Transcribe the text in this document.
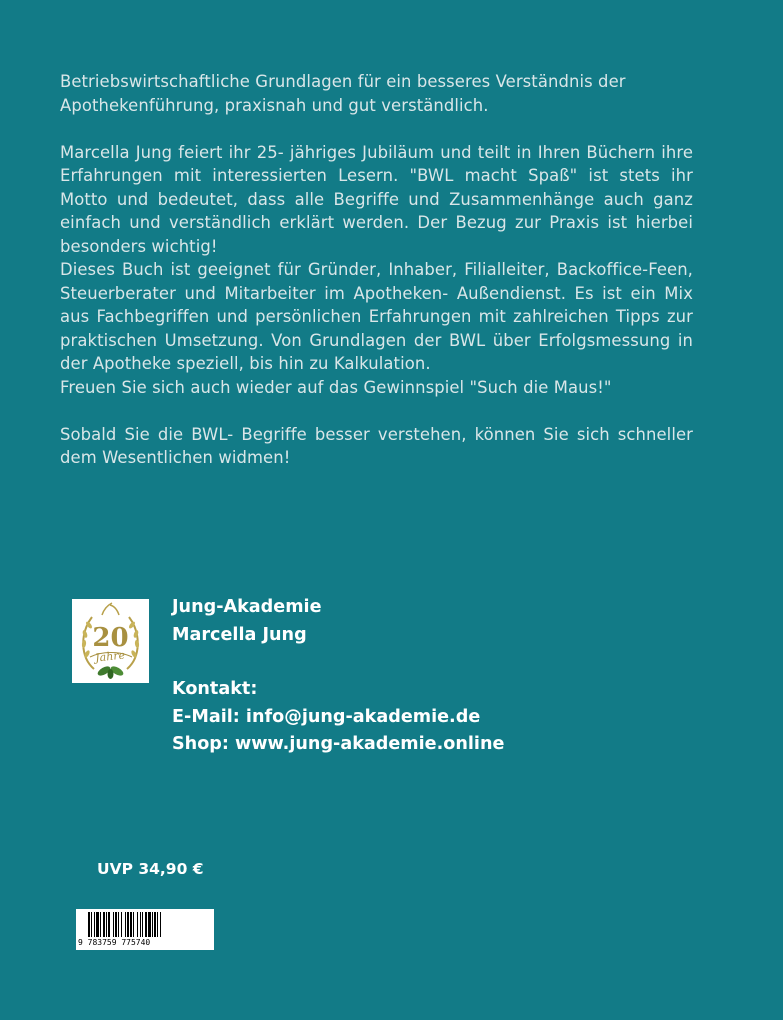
Betriebswirtschaftliche Grundlagen für ein besseres Verständnis der Apothekenführung, praxisnah und gut verständlich.

Marcella Jung feiert ihr 25- jähriges Jubiläum und teilt in Ihren Büchern ihre Erfahrungen mit interessierten Lesern. "BWL macht Spaß" ist stets ihr Motto und bedeutet, dass alle Begriffe und Zusammenhänge auch ganz einfach und verständlich erklärt werden. Der Bezug zur Praxis ist hierbei besonders wichtig!

Dieses Buch ist geeignet für Gründer, Inhaber, Filialleiter, Backoffice-Feen, Steuerberater und Mitarbeiter im Apotheken- Außendienst. Es ist ein Mix aus Fachbegriffen und persönlichen Erfahrungen mit zahlreichen Tipps zur praktischen Umsetzung. Von Grundlagen der BWL über Erfolgsmessung in der Apotheke speziell, bis hin zu Kalkulation.

Freuen Sie sich auch wieder auf das Gewinnspiel "Such die Maus!"

Sobald Sie die BWL- Begriffe besser verstehen, können Sie sich schneller dem Wesentlichen widmen!

20
Jahre
Jung-Akademie
Marcella Jung
Kontakt:
E-Mail: info@jung-akademie.de
Shop: www.jung-akademie.online
UVP 34,90 €
9 783759 775740
